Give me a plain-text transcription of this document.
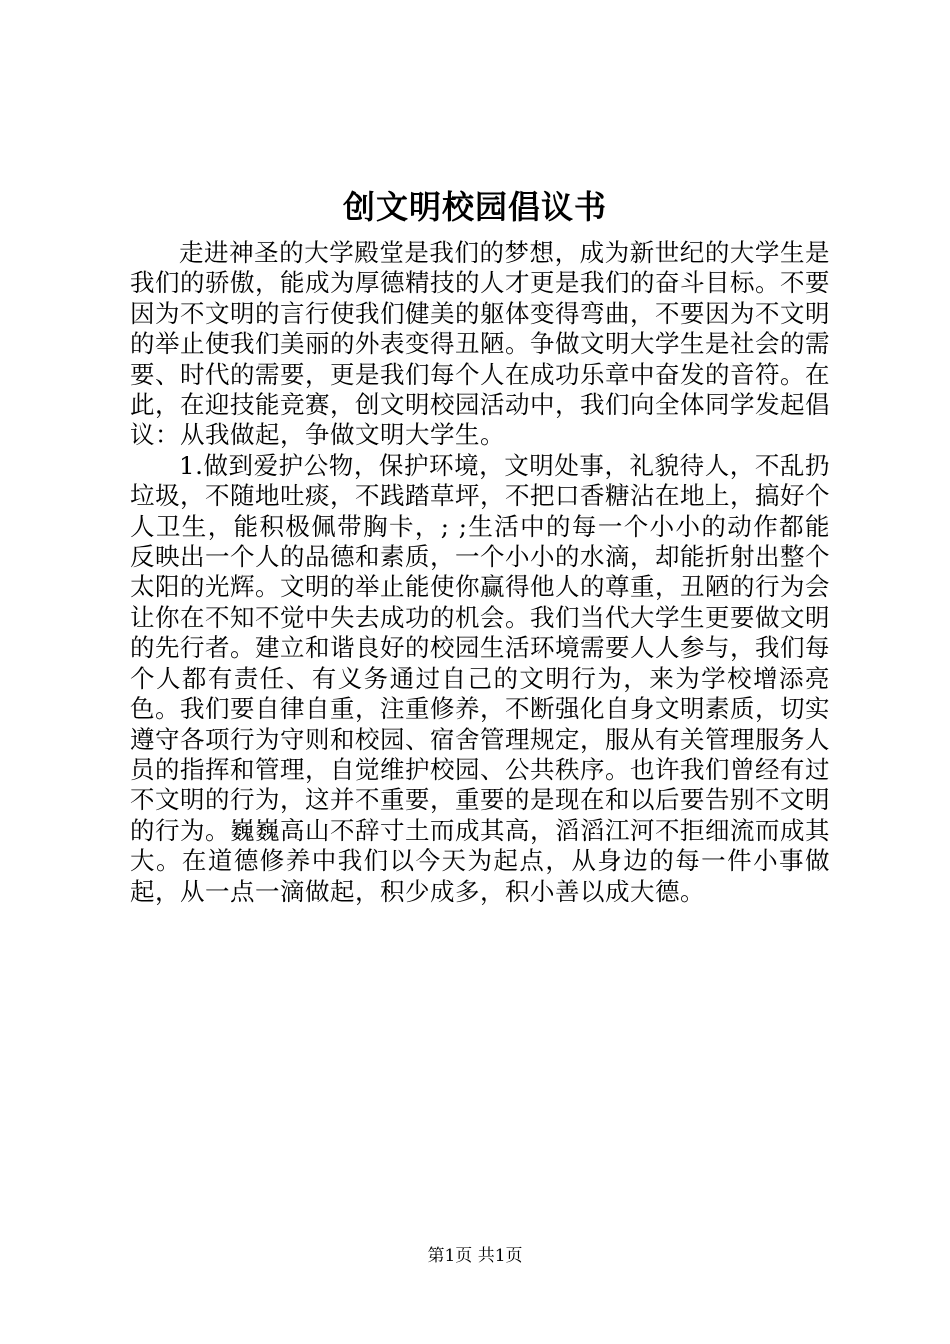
创文明校园倡议书

走进神圣的大学殿堂是我们的梦想，成为新世纪的大学生是我们的骄傲，能成为厚德精技的人才更是我们的奋斗目标。不要因为不文明的言行使我们健美的躯体变得弯曲，不要因为不文明的举止使我们美丽的外表变得丑陋。争做文明大学生是社会的需要、时代的需要，更是我们每个人在成功乐章中奋发的音符。在此，在迎技能竞赛，创文明校园活动中，我们向全体同学发起倡议：从我做起，争做文明大学生。

1.做到爱护公物，保护环境，文明处事，礼貌待人，不乱扔垃圾，不随地吐痰，不践踏草坪，不把口香糖沾在地上，搞好个人卫生，能积极佩带胸卡，; ;生活中的每一个小小的动作都能反映出一个人的品德和素质，一个小小的水滴，却能折射出整个太阳的光辉。文明的举止能使你赢得他人的尊重，丑陋的行为会让你在不知不觉中失去成功的机会。我们当代大学生更要做文明的先行者。建立和谐良好的校园生活环境需要人人参与，我们每个人都有责任、有义务通过自己的文明行为，来为学校增添亮色。我们要自律自重，注重修养，不断强化自身文明素质，切实遵守各项行为守则和校园、宿舍管理规定，服从有关管理服务人员的指挥和管理，自觉维护校园、公共秩序。也许我们曾经有过不文明的行为，这并不重要，重要的是现在和以后要告别不文明的行为。巍巍高山不辞寸土而成其高，滔滔江河不拒细流而成其大。在道德修养中我们以今天为起点，从身边的每一件小事做起，从一点一滴做起，积少成多，积小善以成大德。

第1页 共1页
